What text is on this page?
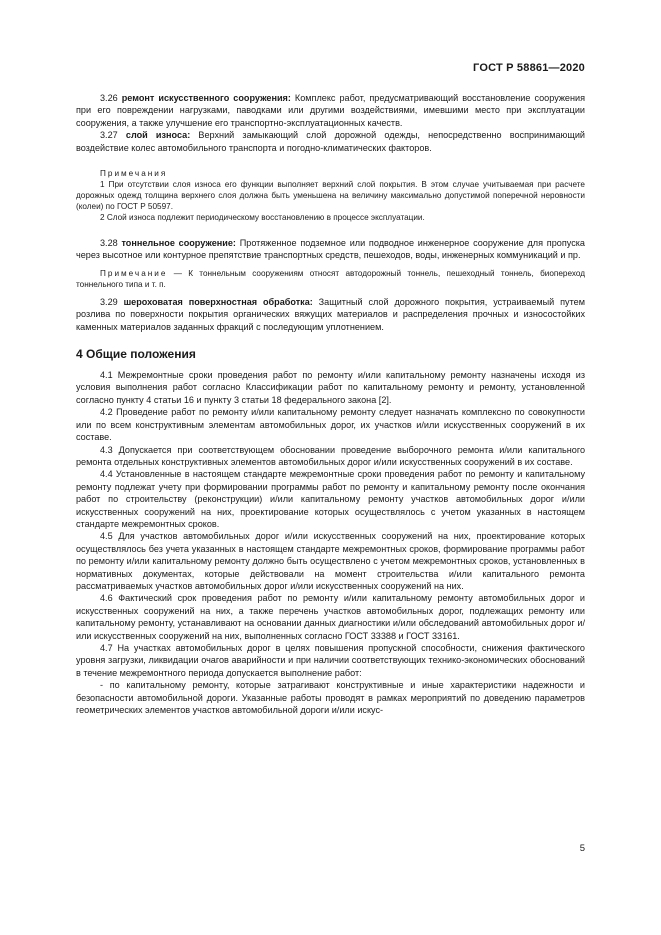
ГОСТ Р 58861—2020

3.26 ремонт искусственного сооружения: Комплекс работ, предусматривающий восстановление сооружения при его повреждении нагрузками, паводками или другими воздействиями, имевшими место при эксплуатации сооружения, а также улучшение его транспортно-эксплуатационных качеств.

3.27 слой износа: Верхний замыкающий слой дорожной одежды, непосредственно воспринимающий воздействие колес автомобильного транспорта и погодно-климатических факторов.

Примечания

1 При отсутствии слоя износа его функции выполняет верхний слой покрытия. В этом случае учитываемая при расчете дорожных одежд толщина верхнего слоя должна быть уменьшена на величину максимально допустимой поперечной неровности (колеи) по ГОСТ Р 50597.

2 Слой износа подлежит периодическому восстановлению в процессе эксплуатации.

3.28 тоннельное сооружение: Протяженное подземное или подводное инженерное сооружение для пропуска через высотное или контурное препятствие транспортных средств, пешеходов, воды, инженерных коммуникаций и пр.

Примечание — К тоннельным сооружениям относят автодорожный тоннель, пешеходный тоннель, биопереход тоннельного типа и т. п.

3.29 шероховатая поверхностная обработка: Защитный слой дорожного покрытия, устраиваемый путем розлива по поверхности покрытия органических вяжущих материалов и распределения прочных и износостойких каменных материалов заданных фракций с последующим уплотнением.

4 Общие положения

4.1 Межремонтные сроки проведения работ по ремонту и/или капитальному ремонту назначены исходя из условия выполнения работ согласно Классификации работ по капитальному ремонту и ремонту, установленной согласно пункту 4 статьи 16 и пункту 3 статьи 18 федерального закона [2].

4.2 Проведение работ по ремонту и/или капитальному ремонту следует назначать комплексно по совокупности или по всем конструктивным элементам автомобильных дорог, их участков и/или искусственных сооружений в их составе.

4.3 Допускается при соответствующем обосновании проведение выборочного ремонта и/или капитального ремонта отдельных конструктивных элементов автомобильных дорог и/или искусственных сооружений в их составе.

4.4 Установленные в настоящем стандарте межремонтные сроки проведения работ по ремонту и капитальному ремонту подлежат учету при формировании программы работ по ремонту и капитальному ремонту после окончания работ по строительству (реконструкции) и/или капитальному ремонту участков автомобильных дорог и/или искусственных сооружений на них, проектирование которых осуществлялось с учетом указанных в настоящем стандарте межремонтных сроков.

4.5 Для участков автомобильных дорог и/или искусственных сооружений на них, проектирование которых осуществлялось без учета указанных в настоящем стандарте межремонтных сроков, формирование программы работ по ремонту и/или капитальному ремонту должно быть осуществлено с учетом межремонтных сроков, установленных в нормативных документах, которые действовали на момент строительства и/или капитального ремонта рассматриваемых участков автомобильных дорог и/или искусственных сооружений на них.

4.6 Фактический срок проведения работ по ремонту и/или капитальному ремонту автомобильных дорог и искусственных сооружений на них, а также перечень участков автомобильных дорог, подлежащих ремонту или капитальному ремонту, устанавливают на основании данных диагностики и/или обследований автомобильных дорог и/или искусственных сооружений на них, выполненных согласно ГОСТ 33388 и ГОСТ 33161.

4.7 На участках автомобильных дорог в целях повышения пропускной способности, снижения фактического уровня загрузки, ликвидации очагов аварийности и при наличии соответствующих технико-экономических обоснований в течение межремонтного периода допускается выполнение работ:

- по капитальному ремонту, которые затрагивают конструктивные и иные характеристики надежности и безопасности автомобильной дороги. Указанные работы проводят в рамках мероприятий по доведению параметров геометрических элементов участков автомобильной дороги и/или искус-

5
